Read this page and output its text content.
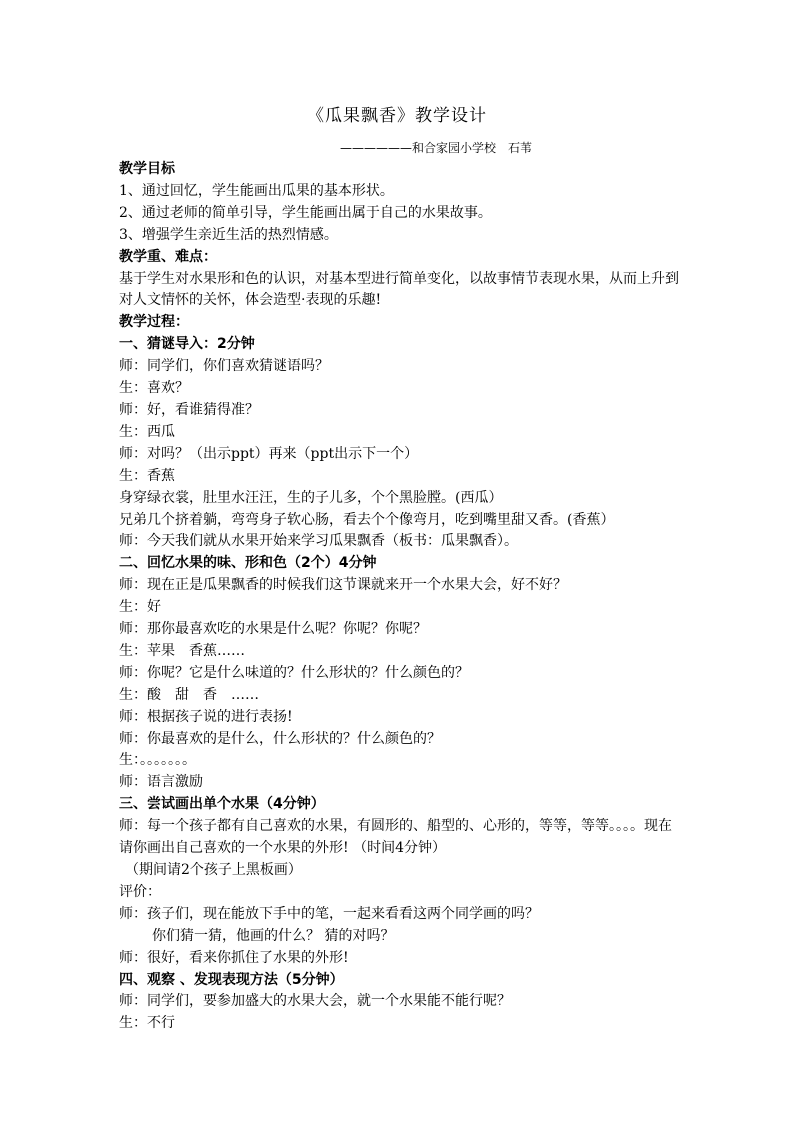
《瓜果飘香》教学设计
——————和合家园小学校　石苇

教学目标

1、通过回忆，学生能画出瓜果的基本形状。

2、通过老师的简单引导，学生能画出属于自己的水果故事。

3、增强学生亲近生活的热烈情感。

教学重、难点：

基于学生对水果形和色的认识，对基本型进行简单变化，以故事情节表现水果，从而上升到对人文情怀的关怀，体会造型·表现的乐趣!

教学过程：

一、猜谜导入：2分钟

师：同学们，你们喜欢猜谜语吗？

生：喜欢？

师：好，看谁猜得准？

生：西瓜

师：对吗？（出示ppt）再来（ppt出示下一个）

生：香蕉

身穿绿衣裳，肚里水汪汪，生的子儿多，个个黑脸膛。(西瓜）

兄弟几个挤着躺，弯弯身子软心肠，看去个个像弯月，吃到嘴里甜又香。(香蕉）

师：今天我们就从水果开始来学习瓜果飘香（板书：瓜果飘香）。

二、回忆水果的味、形和色（2个）4分钟

师：现在正是瓜果飘香的时候我们这节课就来开一个水果大会，好不好？

生：好

师：那你最喜欢吃的水果是什么呢？你呢？你呢？

生：苹果　香蕉……

师：你呢？它是什么味道的？什么形状的？什么颜色的？

生：酸　甜　香　……

师：根据孩子说的进行表扬!

师：你最喜欢的是什么，什么形状的？什么颜色的？

生：。。。。。。。

师：语言激励

三、尝试画出单个水果（4分钟）

师：每一个孩子都有自己喜欢的水果，有圆形的、船型的、心形的，等等，等等。。。。现在请你画出自己喜欢的一个水果的外形! （时间4分钟）

（期间请2个孩子上黑板画）

评价：

师：孩子们，现在能放下手中的笔，一起来看看这两个同学画的吗？

你们猜一猜，他画的什么？ 猜的对吗？

师：很好，看来你抓住了水果的外形!

四、观察 、发现表现方法（5分钟）

师：同学们，要参加盛大的水果大会，就一个水果能不能行呢？

生：不行
